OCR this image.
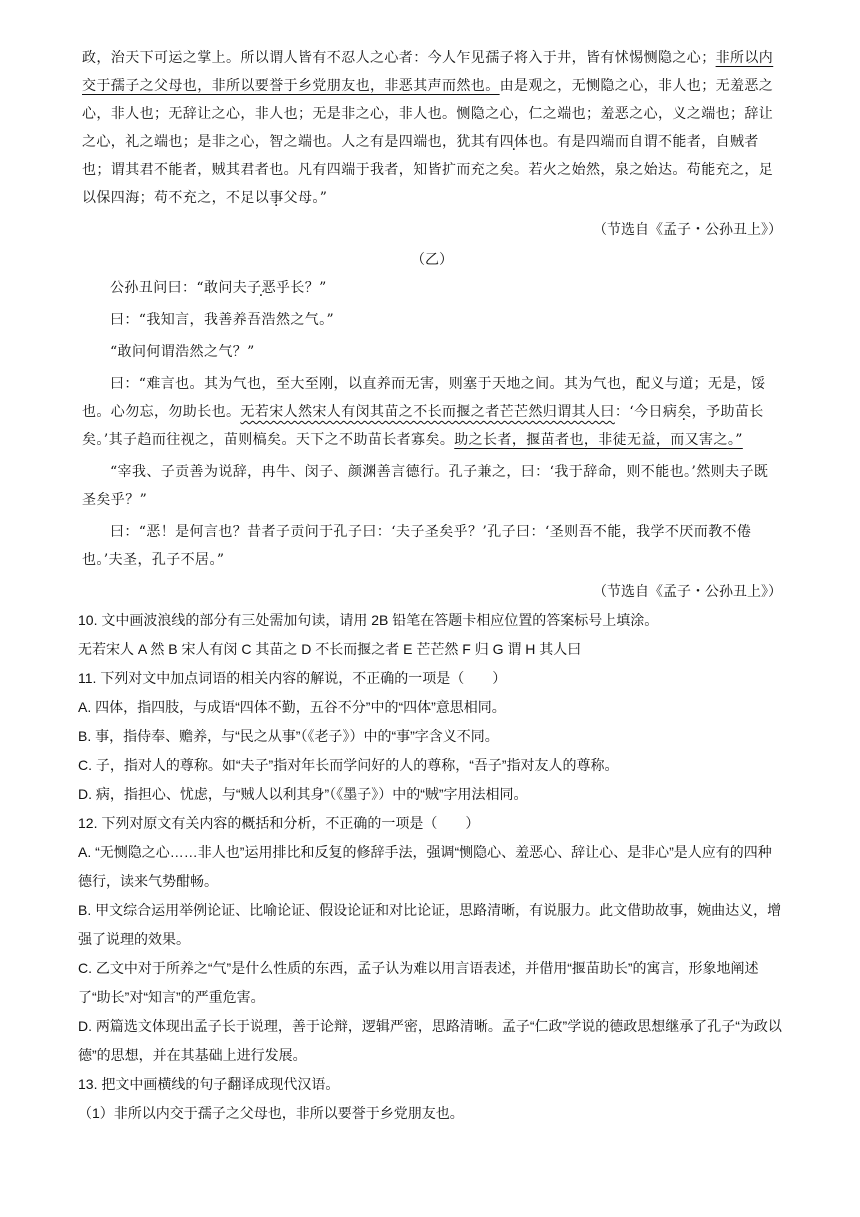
政，治天下可运之掌上。所以谓人皆有不忍人之心者：今人乍见孺子将入于井，皆有怵惕恻隐之心；非所以内交于孺子之父母也，非所以要誉于乡党朋友也，非恶其声而然也。由是观之，无恻隐之心，非人也；无羞恶之心，非人也；无辞让之心，非人也；无是非之心，非人也。恻隐之心，仁之端也；羞恶之心，义之端也；辞让之心，礼之端也；是非之心，智之端也。人之有是四端也，犹其有四体也。有是四端而自谓不能者，自贼者也；谓其君不能者，贼其君者也。凡有四端于我者，知皆扩而充之矣。若火之始然，泉之始达。苟能充之，足以保四海；苟不充之，不足以事父母。”

（节选自《孟子・公孙丑上》）

（乙）

公孙丑问曰：“敢问夫子恶乎长？”

曰：“我知言，我善养吾浩然之气。”

“敢问何谓浩然之气？”

曰：“难言也。其为气也，至大至刚，以直养而无害，则塞于天地之间。其为气也，配义与道；无是，馁也。心勿忘，勿助长也。无若宋人然宋人有闵其苗之不长而揠之者芒芒然归谓其人曰：‘今日病矣，予助苗长矣。’其子趋而往视之，苗则槁矣。天下之不助苗长者寡矣。助之长者，揠苗者也，非徒无益，而又害之。”

“宰我、子贡善为说辞，冉牛、闵子、颜渊善言德行。孔子兼之，曰：‘我于辞命，则不能也。’然则夫子既圣矣乎？”

曰：“恶！是何言也？昔者子贡问于孔子曰：‘夫子圣矣乎？’孔子曰：‘圣则吾不能，我学不厌而教不倦也。’夫圣，孔子不居。”

（节选自《孟子・公孙丑上》）

10. 文中画波浪线的部分有三处需加句读，请用 2B 铅笔在答题卡相应位置的答案标号上填涂。

无若宋人 A 然 B 宋人有闵 C 其苗之 D 不长而揠之者 E 芒芒然 F 归 G 谓 H 其人曰

11. 下列对文中加点词语的相关内容的解说，不正确的一项是（　　）

A. 四体，指四肢，与成语“四体不勤，五谷不分”中的“四体”意思相同。

B. 事，指侍奉、赡养，与“民之从事”（《老子》）中的“事”字含义不同。

C. 子，指对人的尊称。如“夫子”指对年长而学问好的人的尊称，“吾子”指对友人的尊称。

D. 病，指担心、忧虑，与“贼人以利其身”（《墨子》）中的“贼”字用法相同。

12. 下列对原文有关内容的概括和分析，不正确的一项是（　　）

A. “无恻隐之心……非人也”运用排比和反复的修辞手法，强调“恻隐心、羞恶心、辞让心、是非心”是人应有的四种德行，读来气势酣畅。

B. 甲文综合运用举例论证、比喻论证、假设论证和对比论证，思路清晰，有说服力。此文借助故事，婉曲达义，增强了说理的效果。

C. 乙文中对于所养之“气”是什么性质的东西，孟子认为难以用言语表述，并借用“揠苗助长”的寓言，形象地阐述了“助长”对“知言”的严重危害。

D. 两篇选文体现出孟子长于说理，善于论辩，逻辑严密，思路清晰。孟子“仁政”学说的德政思想继承了孔子“为政以德”的思想，并在其基础上进行发展。

13. 把文中画横线的句子翻译成现代汉语。

（1）非所以内交于孺子之父母也，非所以要誉于乡党朋友也。
